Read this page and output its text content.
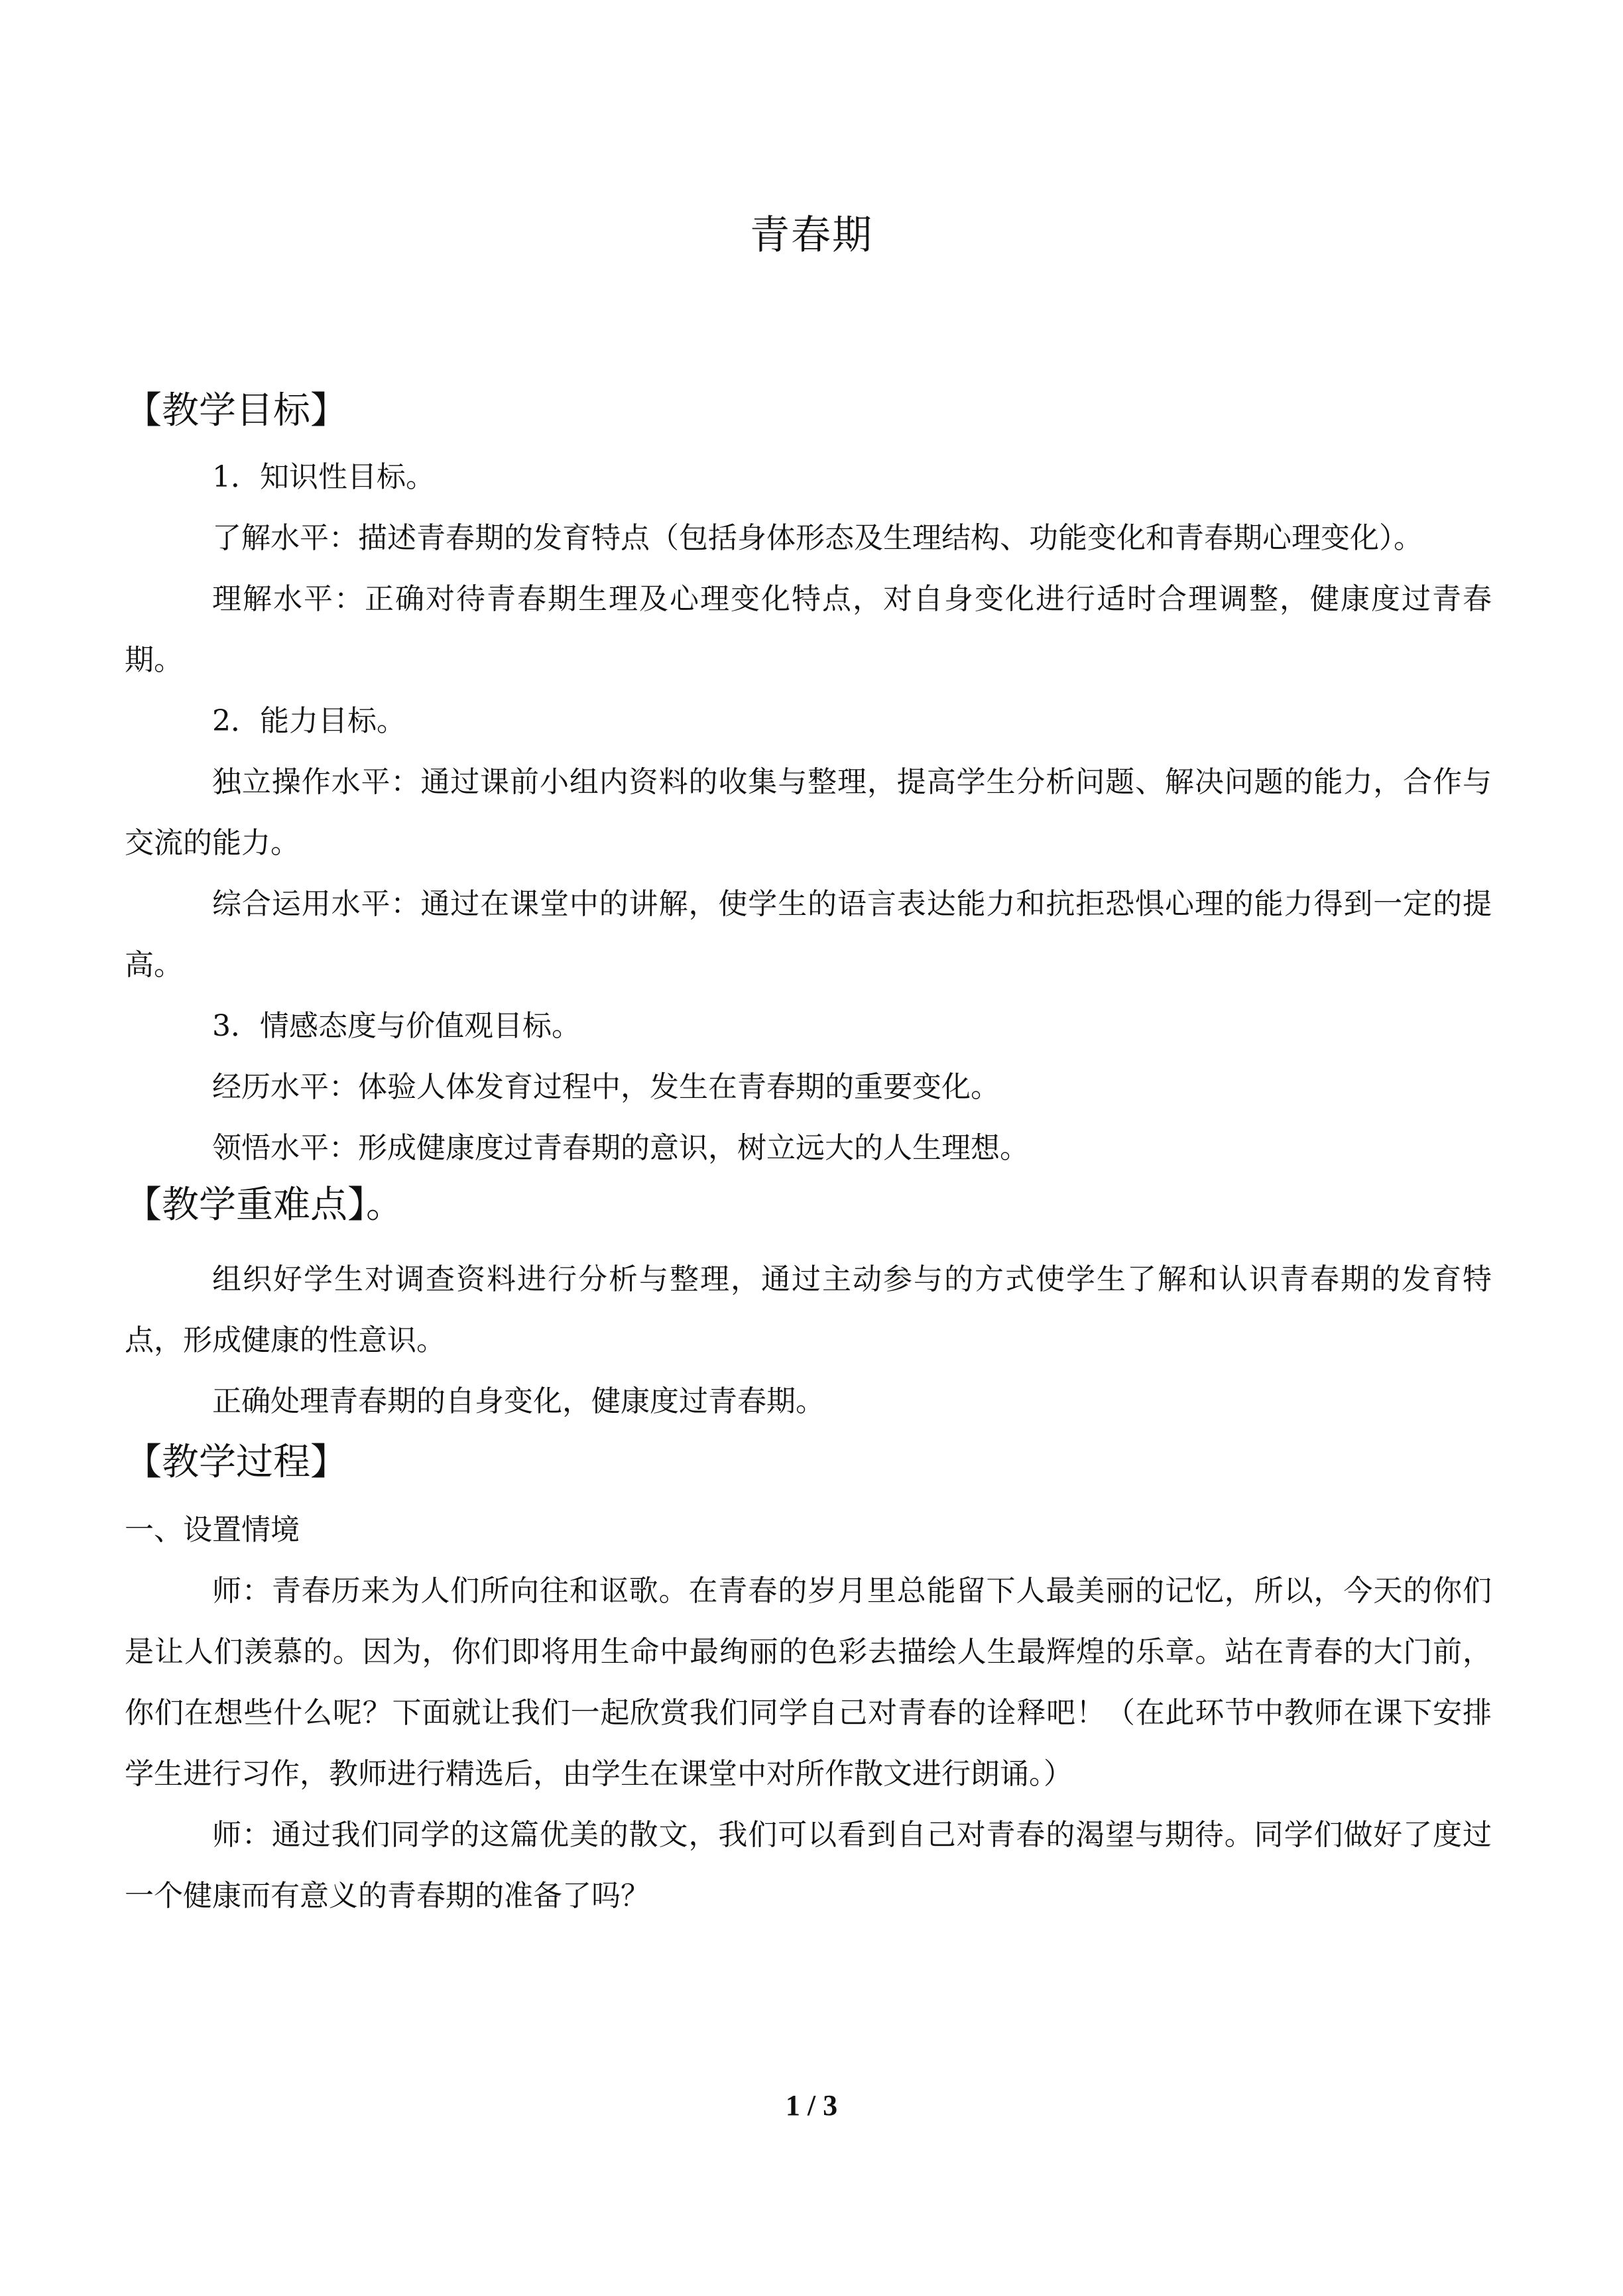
青春期
【教学目标】

1．知识性目标。

了解水平：描述青春期的发育特点（包括身体形态及生理结构、功能变化和青春期心理变化）。

理解水平：正确对待青春期生理及心理变化特点，对自身变化进行适时合理调整，健康度过青春期。

2．能力目标。

独立操作水平：通过课前小组内资料的收集与整理，提高学生分析问题、解决问题的能力，合作与交流的能力。

综合运用水平：通过在课堂中的讲解，使学生的语言表达能力和抗拒恐惧心理的能力得到一定的提高。

3．情感态度与价值观目标。

经历水平：体验人体发育过程中，发生在青春期的重要变化。

领悟水平：形成健康度过青春期的意识，树立远大的人生理想。

【教学重难点】。

组织好学生对调查资料进行分析与整理，通过主动参与的方式使学生了解和认识青春期的发育特点，形成健康的性意识。

正确处理青春期的自身变化，健康度过青春期。

【教学过程】

一、设置情境

师：青春历来为人们所向往和讴歌。在青春的岁月里总能留下人最美丽的记忆，所以，今天的你们是让人们羡慕的。因为，你们即将用生命中最绚丽的色彩去描绘人生最辉煌的乐章。站在青春的大门前，你们在想些什么呢？下面就让我们一起欣赏我们同学自己对青春的诠释吧！（在此环节中教师在课下安排学生进行习作，教师进行精选后，由学生在课堂中对所作散文进行朗诵。）

师：通过我们同学的这篇优美的散文，我们可以看到自己对青春的渴望与期待。同学们做好了度过一个健康而有意义的青春期的准备了吗？

1 / 3
